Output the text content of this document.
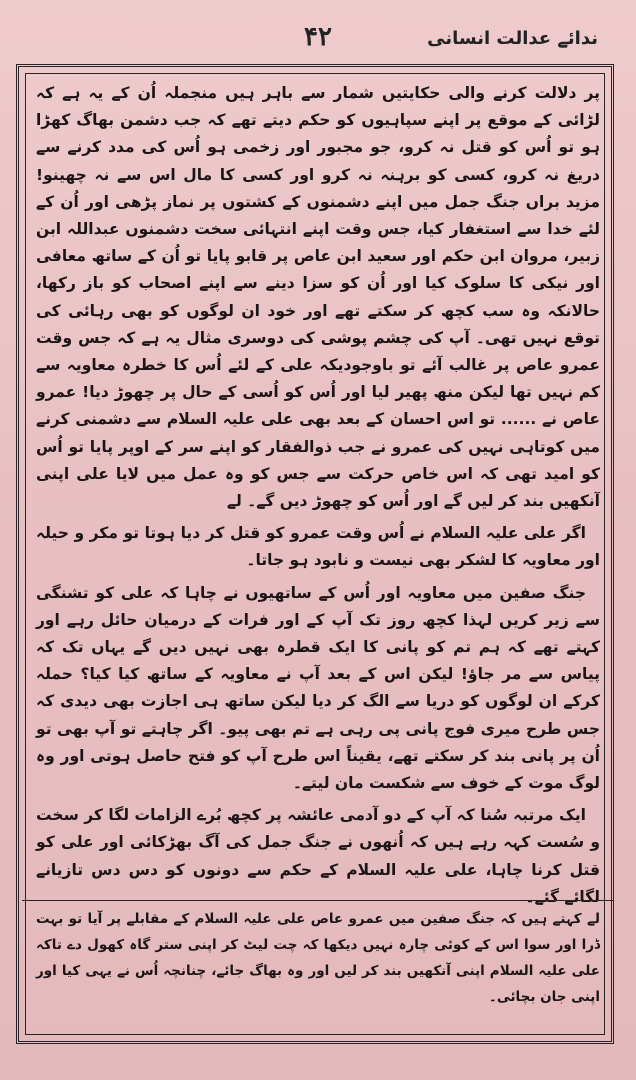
ندائے عدالت انسانی
۴۲

پر دلالت کرنے والی حکایتیں شمار سے باہر ہیں منجملہ اُن کے یہ ہے کہ لڑائی کے موقع پر اپنے سپاہیوں کو حکم دیتے تھے کہ جب دشمن بھاگ کھڑا ہو تو اُس کو قتل نہ کرو، جو مجبور اور زخمی ہو اُس کی مدد کرنے سے دریغ نہ کرو، کسی کو برہنہ نہ کرو اور کسی کا مال اس سے نہ چھینو! مزید براں جنگ جمل میں اپنے دشمنوں کے کشتوں پر نماز پڑھی اور اُن کے لئے خدا سے استغفار کیا، جس وقت اپنے انتہائی سخت دشمنوں عبداللہ ابن زبیر، مروان ابن حکم اور سعید ابن عاص پر قابو پایا تو اُن کے ساتھ معافی اور نیکی کا سلوک کیا اور اُن کو سزا دینے سے اپنے اصحاب کو باز رکھا، حالانکہ وہ سب کچھ کر سکتے تھے اور خود ان لوگوں کو بھی رہائی کی توقع نہیں تھی۔ آپ کی چشم پوشی کی دوسری مثال یہ ہے کہ جس وقت عمرو عاص پر غالب آئے تو باوجودیکہ علی کے لئے اُس کا خطرہ معاویہ سے کم نہیں تھا لیکن منھ پھیر لیا اور اُس کو اُسی کے حال پر چھوڑ دیا! عمرو عاص نے ...... تو اس احسان کے بعد بھی علی علیہ السلام سے دشمنی کرنے میں کوتاہی نہیں کی عمرو نے جب ذوالفقار کو اپنے سر کے اوپر پایا تو اُس کو امید تھی کہ اس خاص حرکت سے جس کو وہ عمل میں لایا علی اپنی آنکھیں بند کر لیں گے اور اُس کو چھوڑ دیں گے۔ لے

اگر علی علیہ السلام نے اُس وقت عمرو کو قتل کر دیا ہوتا تو مکر و حیلہ اور معاویہ کا لشکر بھی نیست و نابود ہو جاتا۔

جنگ صفین میں معاویہ اور اُس کے ساتھیوں نے چاہا کہ علی کو تشنگی سے زیر کریں لہذا کچھ روز تک آپ کے اور فرات کے درمیان حائل رہے اور کہتے تھے کہ ہم تم کو پانی کا ایک قطرہ بھی نہیں دیں گے یہاں تک کہ پیاس سے مر جاؤ! لیکن اس کے بعد آپ نے معاویہ کے ساتھ کیا کیا؟ حملہ کرکے ان لوگوں کو دریا سے الگ کر دیا لیکن ساتھ ہی اجازت بھی دیدی کہ جس طرح میری فوج پانی پی رہی ہے تم بھی پیو۔ اگر چاہتے تو آپ بھی تو اُن پر پانی بند کر سکتے تھے، یقیناً اس طرح آپ کو فتح حاصل ہوتی اور وہ لوگ موت کے خوف سے شکست مان لیتے۔

ایک مرتبہ سُنا کہ آپ کے دو آدمی عائشہ پر کچھ بُرے الزامات لگا کر سخت و سُست کہہ رہے ہیں کہ اُنھوں نے جنگ جمل کی آگ بھڑکائی اور علی کو قتل کرنا چاہا، علی علیہ السلام کے حکم سے دونوں کو دس دس تازیانے لگائے گئے۔

لے کہتے ہیں کہ جنگ صفین میں عمرو عاص علی علیہ السلام کے مقابلے پر آیا تو بہت ڈرا اور سوا اس کے کوئی چارہ نہیں دیکھا کہ چت لیٹ کر اپنی ستر گاہ کھول دے تاکہ علی علیہ السلام اپنی آنکھیں بند کر لیں اور وہ بھاگ جائے، چنانچہ اُس نے یہی کیا اور اپنی جان بچائی۔
